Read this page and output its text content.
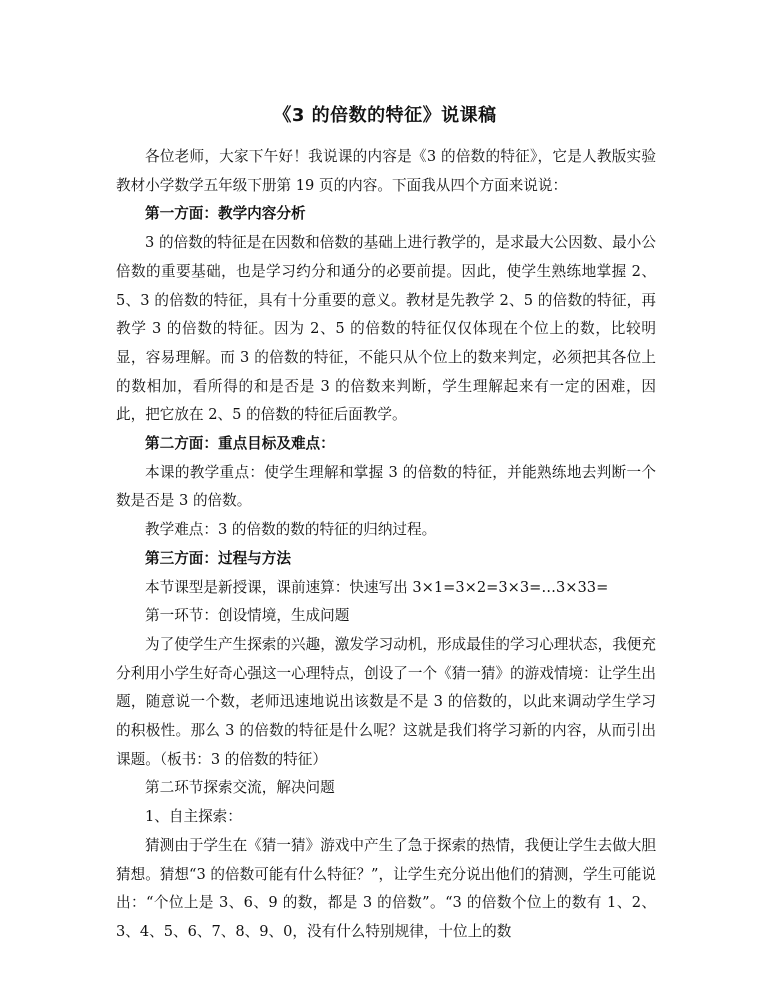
《3 的倍数的特征》说课稿

各位老师，大家下午好！我说课的内容是《3 的倍数的特征》，它是人教版实验教材小学数学五年级下册第 19 页的内容。下面我从四个方面来说说：

第一方面：教学内容分析

3 的倍数的特征是在因数和倍数的基础上进行教学的，是求最大公因数、最小公倍数的重要基础，也是学习约分和通分的必要前提。因此，使学生熟练地掌握 2、5、3 的倍数的特征，具有十分重要的意义。教材是先教学 2、5 的倍数的特征，再教学 3 的倍数的特征。因为 2、5 的倍数的特征仅仅体现在个位上的数，比较明显，容易理解。而 3 的倍数的特征，不能只从个位上的数来判定，必须把其各位上的数相加，看所得的和是否是 3 的倍数来判断，学生理解起来有一定的困难，因此，把它放在 2、5 的倍数的特征后面教学。

第二方面：重点目标及难点：

本课的教学重点：使学生理解和掌握 3 的倍数的特征，并能熟练地去判断一个数是否是 3 的倍数。

教学难点：3 的倍数的数的特征的归纳过程。

第三方面：过程与方法

本节课型是新授课，课前速算：快速写出 3×1=3×2=3×3=…3×33=

第一环节：创设情境，生成问题

为了使学生产生探索的兴趣，激发学习动机，形成最佳的学习心理状态，我便充分利用小学生好奇心强这一心理特点，创设了一个《猜一猜》的游戏情境：让学生出题，随意说一个数，老师迅速地说出该数是不是 3 的倍数的，以此来调动学生学习的积极性。那么 3 的倍数的特征是什么呢？这就是我们将学习新的内容，从而引出课题。（板书：3 的倍数的特征）

第二环节探索交流，解决问题

1、自主探索：

猜测由于学生在《猜一猜》游戏中产生了急于探索的热情，我便让学生去做大胆猜想。猜想“3 的倍数可能有什么特征？”，让学生充分说出他们的猜测，学生可能说出：“个位上是 3、6、9 的数，都是 3 的倍数”。“3 的倍数个位上的数有 1、2、3、4、5、6、7、8、9、0，没有什么特别规律，十位上的数
